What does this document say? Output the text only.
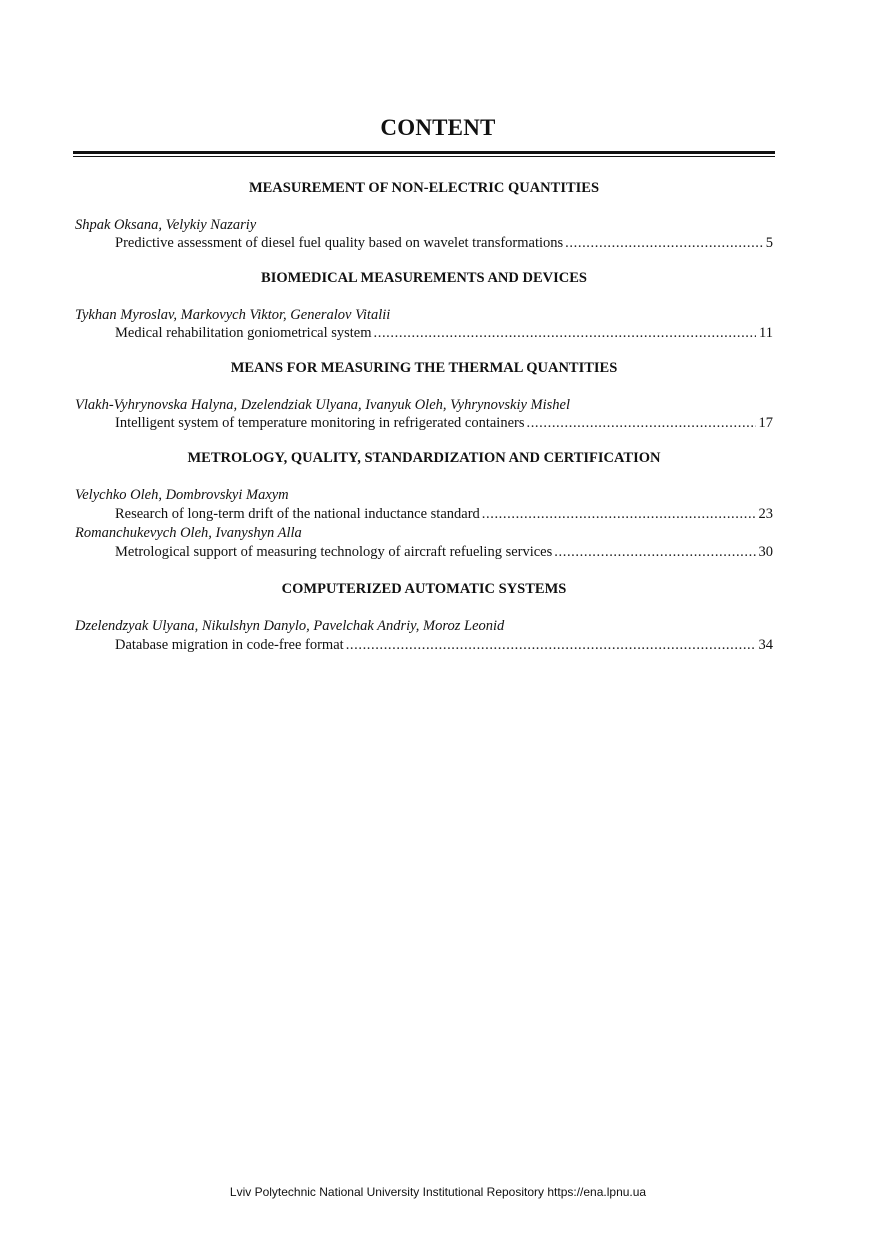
CONTENT
MEASUREMENT OF NON-ELECTRIC QUANTITIES
Shpak Oksana, Velykiy Nazariy
Predictive assessment of diesel fuel quality based on wavelet transformations .....	5
BIOMEDICAL MEASUREMENTS AND DEVICES
Tykhan Myroslav, Markovych Viktor, Generalov Vitalii
Medical rehabilitation goniometrical system .....	11
MEANS FOR MEASURING THE THERMAL QUANTITIES
Vlakh-Vyhrynovska Halyna, Dzelendziak Ulyana, Ivanyuk Oleh, Vyhrynovskiy Mishel
Intelligent system of temperature monitoring in refrigerated containers .....	17
METROLOGY, QUALITY, STANDARDIZATION AND CERTIFICATION
Velychko Oleh, Dombrovskyi Maxym
Research of long-term drift of the national inductance standard .....	23
Romanchukevych Oleh, Ivanyshyn Alla
Metrological support of measuring technology of aircraft refueling services .....	30
COMPUTERIZED AUTOMATIC SYSTEMS
Dzelendzyak Ulyana, Nikulshyn Danylo, Pavelchak Andriy, Moroz Leonid
Database migration in code-free format .....	34
Lviv Polytechnic National University Institutional Repository https://ena.lpnu.ua
